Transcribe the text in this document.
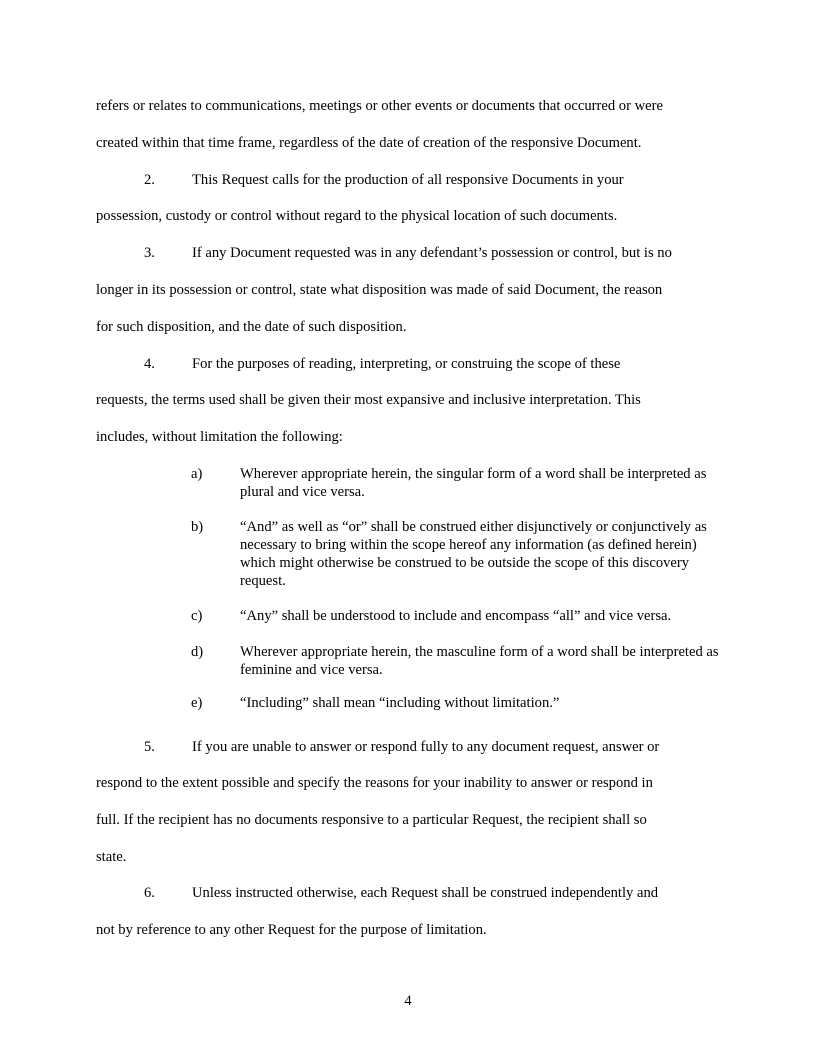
refers or relates to communications, meetings or other events or documents that occurred or were
created within that time frame, regardless of the date of creation of the responsive Document.
2.	This Request calls for the production of all responsive Documents in your
possession, custody or control without regard to the physical location of such documents.
3.	If any Document requested was in any defendant’s possession or control, but is no
longer in its possession or control, state what disposition was made of said Document, the reason
for such disposition, and the date of such disposition.
4.	For the purposes of reading, interpreting, or construing the scope of these
requests, the terms used shall be given their most expansive and inclusive interpretation. This
includes, without limitation the following:
a)	Wherever appropriate herein, the singular form of a word shall be interpreted as plural and vice versa.
b)	“And” as well as “or” shall be construed either disjunctively or conjunctively as necessary to bring within the scope hereof any information (as defined herein) which might otherwise be construed to be outside the scope of this discovery request.
c)	“Any” shall be understood to include and encompass “all” and vice versa.
d)	Wherever appropriate herein, the masculine form of a word shall be interpreted as feminine and vice versa.
e)	“Including” shall mean “including without limitation.”
5.	If you are unable to answer or respond fully to any document request, answer or
respond to the extent possible and specify the reasons for your inability to answer or respond in
full. If the recipient has no documents responsive to a particular Request, the recipient shall so
state.
6.	Unless instructed otherwise, each Request shall be construed independently and
not by reference to any other Request for the purpose of limitation.
4
